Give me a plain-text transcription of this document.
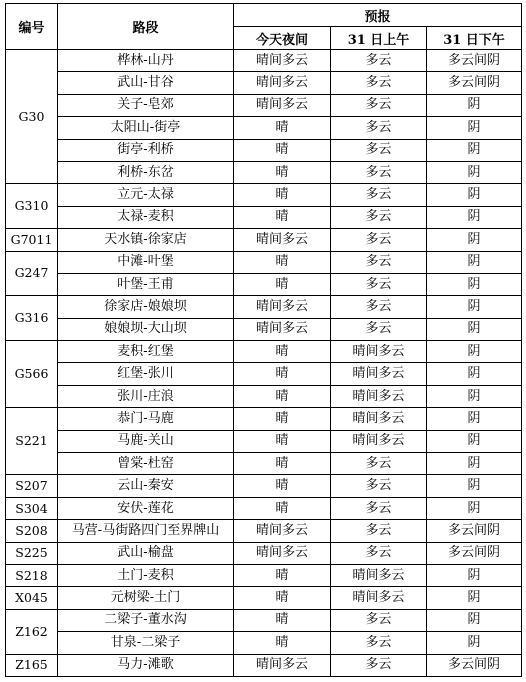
编号	路段	预报		
		今天夜间	31 日上午	31 日下午
G30	桦林-山丹	晴间多云	多云	多云间阴
	武山-甘谷	晴间多云	多云	多云间阴
	关子-皂郊	晴间多云	多云	阴
	太阳山-街亭	晴	多云	阴
	街亭-利桥	晴	多云	阴
	利桥-东岔	晴	多云	阴
G310	立元-太禄	晴	多云	阴
	太禄-麦积	晴	多云	阴
G7011	天水镇-徐家店	晴间多云	多云	阴
G247	中滩-叶堡	晴	多云	阴
	叶堡-王甫	晴	多云	阴
G316	徐家店-娘娘坝	晴间多云	多云	阴
	娘娘坝-大山坝	晴间多云	多云	阴
G566	麦积-红堡	晴	晴间多云	阴
	红堡-张川	晴	晴间多云	阴
	张川-庄浪	晴	晴间多云	阴
S221	恭门-马鹿	晴	晴间多云	阴
	马鹿-关山	晴	晴间多云	阴
	曾棠-杜窑	晴	多云	阴
S207	云山-秦安	晴	多云	阴
S304	安伏-莲花	晴	多云	阴
S208	马营-马街路四门至界牌山	晴间多云	多云	多云间阴
S225	武山-榆盘	晴间多云	多云	多云间阴
S218	土门-麦积	晴	晴间多云	阴
X045	元树梁-土门	晴	晴间多云	阴
Z162	二梁子-董水沟	晴	多云	阴
	甘泉-二梁子	晴	多云	阴
Z165	马力-滩歌	晴间多云	多云	多云间阴
